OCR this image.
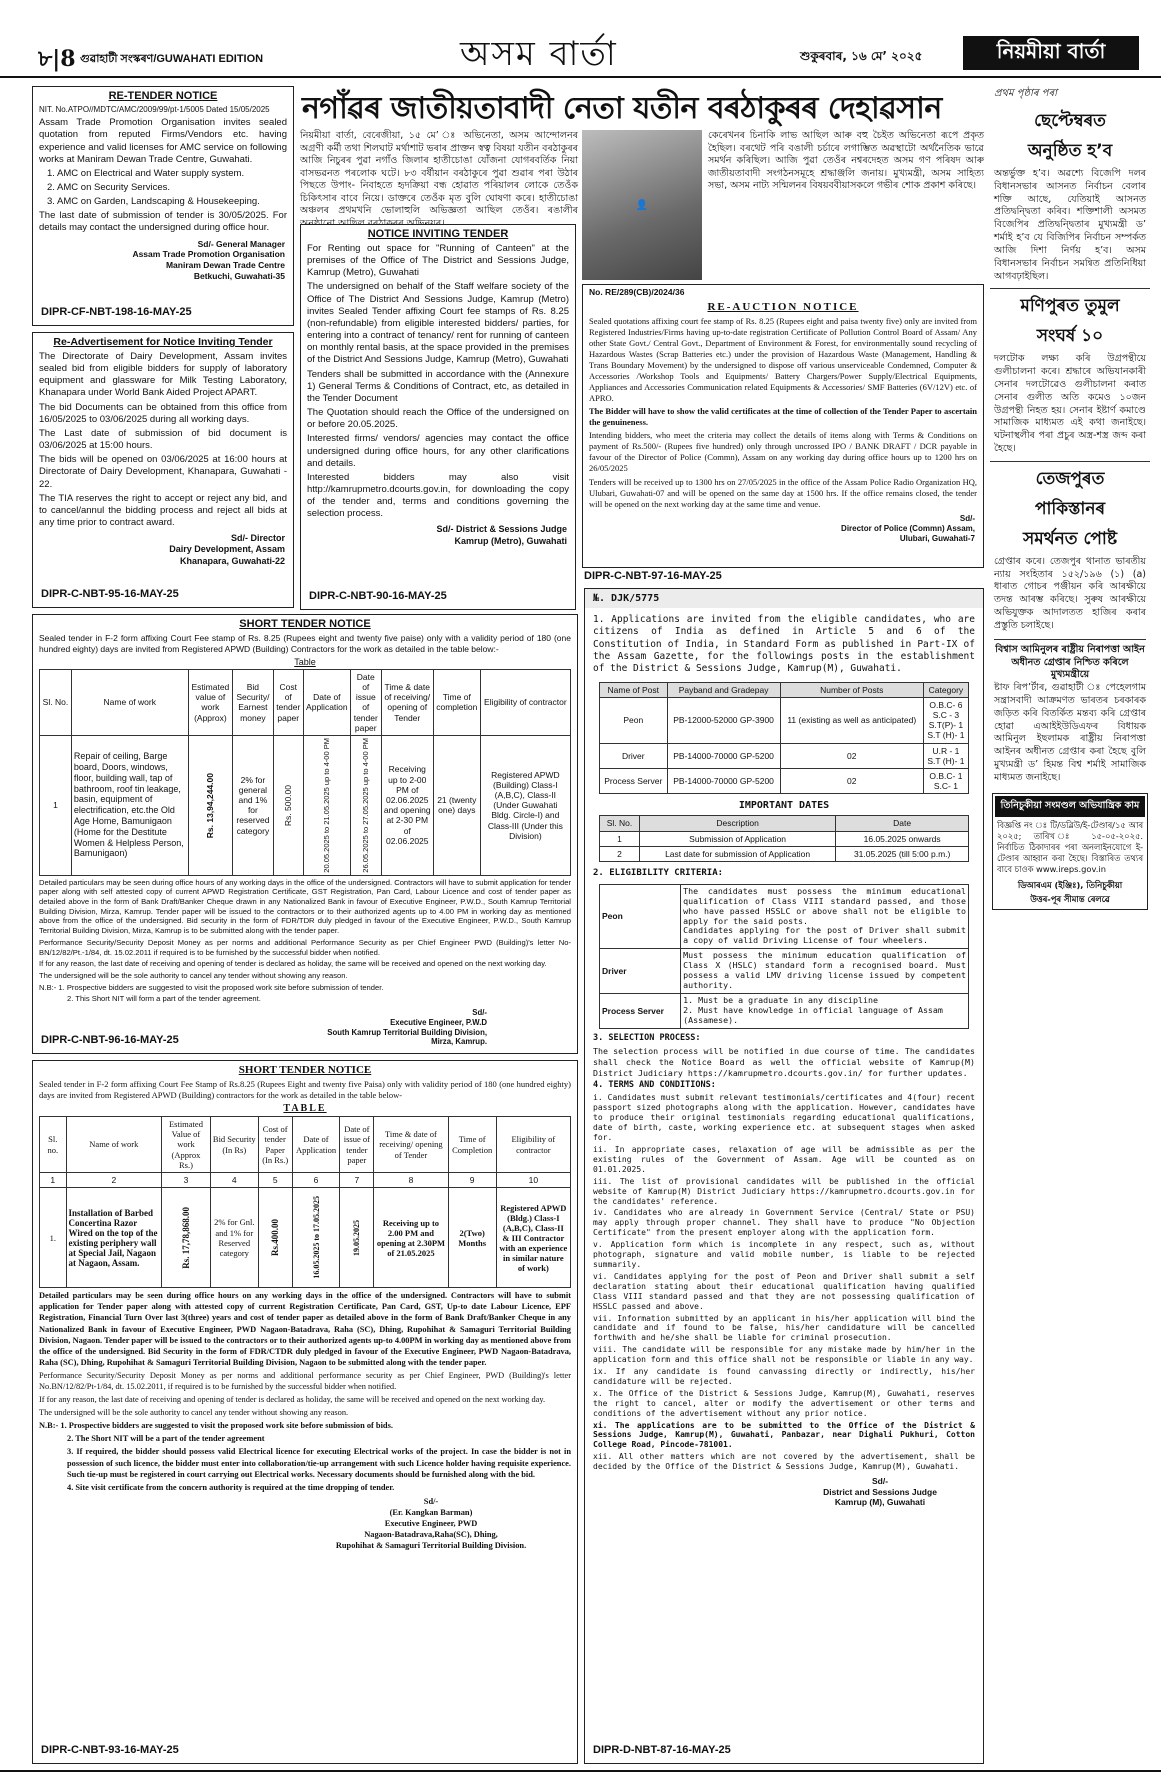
৮|8 গুৱাহাটী সংস্কৰণ/GUWAHATI EDITION	অসম বাৰ্তা	শুকুৰবাৰ, ১৬ মে’ ২০২৫	নিয়মীয়া বাৰ্তা
RE-TENDER NOTICE
NIT. No.ATPO//MDTC/AMC/2009/99/pt-1/5005 Dated 15/05/2025
Assam Trade Promotion Organisation invites sealed quotation from reputed Firms/Vendors etc. having experience and valid licenses for AMC service on following works at Maniram Dewan Trade Centre, Guwahati.
1. AMC on Electrical and Water supply system.
2. AMC on Security Services.
3. AMC on Garden, Landscaping & Housekeeping.
The last date of submission of tender is 30/05/2025. For details may contact the undersigned during office hour.
Sd/- General Manager
Assam Trade Promotion Organisation
Maniram Dewan Trade Centre
Betkuchi, Guwahati-35
DIPR-CF-NBT-198-16-MAY-25
Re-Advertisement for Notice Inviting Tender
The Directorate of Dairy Development, Assam invites sealed bid from eligible bidders for supply of laboratory equipment and glassware for Milk Testing Laboratory, Khanapara under World Bank Aided Project APART.
The bid Documents can be obtained from this office from 16/05/2025 to 03/06/2025 during all working days.
The Last date of submission of bid document is 03/06/2025 at 15:00 hours.
The bids will be opened on 03/06/2025 at 16:00 hours at Directorate of Dairy Development, Khanapara, Guwahati - 22.
The TIA reserves the right to accept or reject any bid, and to cancel/annul the bidding process and reject all bids at any time prior to contract award.
Sd/- Director
Dairy Development, Assam
Khanapara, Guwahati-22
DIPR-C-NBT-95-16-MAY-25
নগাঁৱৰ জাতীয়তাবাদী নেতা যতীন বৰঠাকুৰৰ দেহাৱসান
নিয়মীয়া বাৰ্তা, বেৰেজীয়া, ১৫ মে’ ঃ অভিনেতা, অসম আন্দোলনৰ অগ্ৰণী কৰ্মী তথা শিলঘাট মৰ্থাশাট ভৰাৰ প্ৰাক্তন স্বত্ব বিষয়া যতীন বৰঠাকুৰৰ আজি নিচুৰৰ পুৱা নগাঁও জিলাৰ হাতীচোঙা যোঁজনা যোগৰবৰ্তিক নিয়া বাসভৱনত পৰলোক ঘটে। ৮৩ বৰ্ষীয়ান বৰঠাকুৰে পুৱা শুৱাৰ পৰা উঠাৰ পিছতে উপাং- নিবাহতে হৃদক্ৰিয়া বন্ধ হোৱাত পৰিয়ালৰ লোকে তেওঁক চিকিৎসাৰ বাবে নিয়ে। ডাক্তৰে তেওঁক মৃত বুলি ঘোষণা কৰে। হাতীচোঙা অঞ্চলৰ প্ৰথমখনি ভোলাহুলি অভিজ্ঞতা আছিল তেওঁৰ। ৰঙালীৰ
👤
কেৰেখনৰ চিনাকি লাভ আছিল আৰু বহু চৈইত অভিনেতা ৰূপে প্ৰকৃত হৈছিল। বৰথেট পৰি বঙালী চৰ্চাৰে লগাম্ভিত অৱস্থাটো অৰ্থনৈতিক ভাৱে সমৰ্থন কৰিছিল। আজি পুৱা তেওঁৰ নশ্বৰদেহত অসম গণ পৰিষদ আৰু জাতীয়তাবাদী সংগঠনসমূহে শ্ৰদ্ধাঞ্জলি জনায়। মুখ্যমন্ত্ৰী, অসম সাহিত্য সভা, অসম নাট্য সন্মিলনৰ বিষয়ববীয়াসকলে গভীৰ শোক প্ৰকাশ কৰিছে।
NOTICE INVITING TENDER
For Renting out space for "Running of Canteen" at the premises of the Office of The District and Sessions Judge, Kamrup (Metro), Guwahati
The undersigned on behalf of the Staff welfare society of the Office of The District And Sessions Judge, Kamrup (Metro) invites Sealed Tender affixing Court fee stamps of Rs. 8.25 (non-refundable) from eligible interested bidders/ parties, for entering into a contract of tenancy/ rent for running of canteen on monthly rental basis, at the space provided in the premises of the District And Sessions Judge, Kamrup (Metro), Guwahati
Tenders shall be submitted in accordance with the (Annexure 1) General Terms & Conditions of Contract, etc, as detailed in the Tender Document
The Quotation should reach the Office of the undersigned on or before 20.05.2025.
Interested firms/ vendors/ agencies may contact the office undersigned during office hours, for any other clarifications and details.
Interested bidders may also visit http://kamrupmetro.dcourts.gov.in, for downloading the copy of the tender and, terms and conditions governing the selection process.
Sd/- District & Sessions Judge
Kamrup (Metro), Guwahati
DIPR-C-NBT-90-16-MAY-25
No. RE/289(CB)/2024/36
RE-AUCTION NOTICE
Sealed quotations affixing court fee stamp of Rs. 8.25 (Rupees eight and paisa twenty five) only are invited from Registered Industries/Firms having up-to-date registration Certificate of Pollution Control Board of Assam/ Any other State Govt./ Central Govt., Department of Environment & Forest, for environmentally sound recycling of Hazardous Wastes (Scrap Batteries etc.) under the provision of Hazardous Waste (Management, Handling & Trans Boundary Movement) by the undersigned to dispose off various unserviceable Condemned, Computer & Accessories /Workshop Tools and Equipments/ Battery Chargers/Power Supply/Electrical Equipments, Appliances and Accessories Communication related Equipments & Accessories/ SMF Batteries (6V/12V) etc. of APRO.
The Bidder will have to show the valid certificates at the time of collection of the Tender Paper to ascertain the genuineness.
Intending bidders, who meet the criteria may collect the details of items along with Terms & Conditions on payment of Rs.500/- (Rupees five hundred) only through uncrossed IPO / BANK DRAFT / DCR payable in favour of the Director of Police (Commn), Assam on any working day during office hours up to 1200 hrs on 26/05/2025
Tenders will be received up to 1300 hrs on 27/05/2025 in the office of the Assam Police Radio Organization HQ, Ulubari, Guwahati-07 and will be opened on the same day at 1500 hrs. If the office remains closed, the tender will be opened on the next working day at the same time and venue.
Sd/-
Director of Police (Commn) Assam,
Ulubari, Guwahati-7
DIPR-C-NBT-97-16-MAY-25
SHORT TENDER NOTICE
Sealed tender in F-2 form affixing Court Fee stamp of Rs. 8.25 (Rupees eight and twenty five paise) only with a validity period of 180 (one hundred eighty) days are invited from Registered APWD (Building) Contractors for the work as detailed in the table below:-
Table
Sl. No.	Name of work	Estimated value of work (Approx)	Bid Security/ Earnest money	Cost of tender paper	Date of Application	Date of issue of tender paper	Time & date of receiving/ opening of Tender	Time of completion	Eligibility of contractor
1	Repair of ceiling, Barge board, Doors, windows, floor, building wall, tap of bathroom, roof tin leakage, basin, equipment of electrification, etc.the Old Age Home, Bamunigaon (Home for the Destitute Women & Helpless Person, Bamunigaon)	Rs. 13,94,244.00	2% for general and 1% for reserved category	Rs. 500.00	20.05.2025 to 21.05.2025 up to 4-00 PM	26.05.2025 to 27.05.2025 up to 4-00 PM	Receiving up to 2-00 PM of 02.06.2025 and opening at 2-30 PM of 02.06.2025	21 (twenty one) days	Registered APWD (Building) Class-I (A,B,C), Class-II (Under Guwahati Bldg. Circle-I) and Class-III (Under this Division)
Detailed particulars may be seen during office hours of any working days in the office of the undersigned. Contractors will have to submit application for tender paper along with self attested copy of current APWD Registration Certificate, GST Registration, Pan Card, Labour Licence and cost of tender paper as detailed above in the form of Bank Draft/Banker Cheque drawn in any Nationalized Bank in favour of Executive Engineer, P.W.D., South Kamrup Territorial Building Division, Mirza, Kamrup. Tender paper will be issued to the contractors or to their authorized agents up to 4.00 PM in working day as mentioned above from the office of the undersigned. Bid security in the form of FDR/TDR duly pledged in favour of the Executive Engineer, P.W.D., South Kamrup Territorial Building Division, Mirza, Kamrup is to be submitted along with the tender paper.
Performance Security/Security Deposit Money as per norms and additional Performance Security as per Chief Engineer PWD (Building)'s letter No-BN/12/82/Pt.-1/84, dt. 15.02.2011 if required is to be furnished by the successful bidder when notified.
If for any reason, the last date of receiving and opening of tender is declared as holiday, the same will be received and opened on the next working day.
The undersigned will be the sole authority to cancel any tender without showing any reason.
N.B:- 1. Prospective bidders are suggested to visit the proposed work site before submission of tender.
2. This Short NIT will form a part of the tender agreement.
Sd/-
Executive Engineer, P.W.D
South Kamrup Territorial Building Division,
Mirza, Kamrup.
DIPR-C-NBT-96-16-MAY-25
SHORT TENDER NOTICE
Sealed tender in F-2 form affixing Court Fee Stamp of Rs.8.25 (Rupees Eight and twenty five Paisa) only with validity period of 180 (one hundred eighty) days are invited from Registered APWD (Building) contractors for the work as detailed in the table below-
TABLE
Sl. no.	Name of work	Estimated Value of work (Approx Rs.)	Bid Security (In Rs)	Cost of tender Paper (In Rs.)	Date of Application	Date of issue of tender paper	Time & date of receiving/ opening of Tender	Time of Completion	Eligibility of contractor
1	2	3	4	5	6	7	8	9	10
1.	Installation of Barbed Concertina Razor Wired on the top of the existing periphery wall at Special Jail, Nagaon at Nagaon, Assam.	Rs. 17,78,868.00	2% for Gnl. and 1% for Reserved category	Rs.400.00	16.05.2025 to 17.05.2025	19.05.2025	Receiving up to 2.00 PM and opening at 2.30PM of 21.05.2025	2(Two) Months	Registered APWD (Bldg.) Class-I (A,B,C), Class-II & III Contractor with an experience in similar nature of work)
Detailed particulars may be seen during office hours on any working days in the office of the undersigned. Contractors will have to submit application for Tender paper along with attested copy of current Registration Certificate, Pan Card, GST, Up-to date Labour Licence, EPF Registration, Financial Turn Over last 3(three) years and cost of tender paper as detailed above in the form of Bank Draft/Banker Cheque in any Nationalized Bank in favour of Executive Engineer, PWD Nagaon-Batadrava, Raha (SC), Dhing, Rupohihat & Samaguri Territorial Building Division, Nagaon. Tender paper will be issued to the contractors or to their authorized agents up-to 4.00PM in working day as mentioned above from the office of the undersigned. Bid Security in the form of FDR/CTDR duly pledged in favour of the Executive Engineer, PWD Nagaon-Batadrava, Raha (SC), Dhing, Rupohihat & Samaguri Territorial Building Division, Nagaon to be submitted along with the tender paper.
Performance Security/Security Deposit Money as per norms and additional performance security as per Chief Engineer, PWD (Building)'s letter No.BN/12/82/Pt-1/84, dt. 15.02.2011, if required is to be furnished by the successful bidder when notified.
If for any reason, the last date of receiving and opening of tender is declared as holiday, the same will be received and opened on the next working day.
The undersigned will be the sole authority to cancel any tender without showing any reason.
N.B:- 1. Prospective bidders are suggested to visit the proposed work site before submission of bids.
2. The Short NIT will be a part of the tender agreement
3. If required, the bidder should possess valid Electrical licence for executing Electrical works of the project. In case the bidder is not in possession of such licence, the bidder must enter into collaboration/tie-up arrangement with such Licence holder having requisite experience. Such tie-up must be registered in court carrying out Electrical works. Necessary documents should be furnished along with the bid.
4. Site visit certificate from the concern authority is required at the time dropping of tender.
Sd/-
(Er. Kangkan Barman)
Executive Engineer, PWD
Nagaon-Batadrava,Raha(SC), Dhing,
Rupohihat & Samaguri Territorial Building Division.
DIPR-C-NBT-93-16-MAY-25
№. DJK/5775
1. Applications are invited from the eligible candidates, who are citizens of India as defined in Article 5 and 6 of the Constitution of India, in Standard Form as published in Part-IX of the Assam Gazette, for the followings posts in the establishment of the District & Sessions Judge, Kamrup(M), Guwahati.
Name of Post	Payband and Gradepay	Number of Posts	Category
Peon	PB-12000-52000 GP-3900	11 (existing as well as anticipated)	O.B.C- 6
S.C - 3
S.T(P)- 1
S.T (H)- 1
Driver	PB-14000-70000 GP-5200	02	U.R - 1
S.T (H)- 1
Process Server	PB-14000-70000 GP-5200	02	O.B.C- 1
S.C- 1
IMPORTANT DATES
Sl. No.	Description	Date
1	Submission of Application	16.05.2025 onwards
2	Last date for submission of Application	31.05.2025 (till 5:00 p.m.)
2. ELIGIBILITY CRITERIA:
Peon	The candidates must possess the minimum educational qualification of Class VIII standard passed, and those who have passed HSSLC or above shall not be eligible to apply for the said posts.
Candidates applying for the post of Driver shall submit a copy of valid Driving License of four wheelers.
Driver	Must possess the minimum education qualification of Class X (HSLC) standard form a recognised board. Must possess a valid LMV driving license issued by competent authority.
Process Server	1. Must be a graduate in any discipline
2. Must have knowledge in official language of Assam (Assamese).
3. SELECTION PROCESS:
The selection process will be notified in due course of time. The candidates shall check the Notice Board as well the official website of Kamrup(M) District Judiciary https://kamrupmetro.dcourts.gov.in/ for further updates.
4. TERMS AND CONDITIONS:
i. Candidates must submit relevant testimonials/certificates and 4(four) recent passport sized photographs along with the application. However, candidates have to produce their original testimonials regarding educational qualifications, date of birth, caste, working experience etc. at subsequent stages when asked for.
ii. In appropriate cases, relaxation of age will be admissible as per the existing rules of the Government of Assam. Age will be counted as on 01.01.2025.
iii. The list of provisional candidates will be published in the official website of Kamrup(M) District Judiciary https://kamrupmetro.dcourts.gov.in for the candidates' reference.
iv. Candidates who are already in Government Service (Central/ State or PSU) may apply through proper channel. They shall have to produce "No Objection Certificate" from the present employer along with the application form.
v. Application form which is incomplete in any respect, such as, without photograph, signature and valid mobile number, is liable to be rejected summarily.
vi. Candidates applying for the post of Peon and Driver shall submit a self declaration stating about their educational qualification having qualified Class VIII standard passed and that they are not possessing qualification of HSSLC passed and above.
vii. Information submitted by an applicant in his/her application will bind the candidate and if found to be false, his/her candidature will be cancelled forthwith and he/she shall be liable for criminal prosecution.
viii. The candidate will be responsible for any mistake made by him/her in the application form and this office shall not be responsible or liable in any way.
ix. If any candidate is found canvassing directly or indirectly, his/her candidature will be rejected.
x. The Office of the District & Sessions Judge, Kamrup(M), Guwahati, reserves the right to cancel, alter or modify the advertisement or other terms and conditions of the advertisement without any prior notice.
xi. The applications are to be submitted to the Office of the District & Sessions Judge, Kamrup(M), Guwahati, Panbazar, near Dighali Pukhuri, Cotton College Road, Pincode-781001.
xii. All other matters which are not covered by the advertisement, shall be decided by the Office of the District & Sessions Judge, Kamrup(M), Guwahati.
Sd/-
District and Sessions Judge
Kamrup (M), Guwahati
DIPR-D-NBT-87-16-MAY-25
প্ৰথম পৃষ্ঠাৰ পৰা
ছেপ্টেম্বৰত
অনুষ্ঠিত হ’ব
অন্তৰ্ভুক্ত হ’ব। অৱশ্যে বিজেপি দলৰ বিধানসভাৰ আসনত নিৰ্বাচন বেলাৰ শক্তি আছে, যেতিয়াই আসনত প্ৰতিদ্বন্দ্বিতা কৰিব। শক্তিশালী অসমত বিজেপিৰ প্ৰতিদ্বন্দ্বিতাৰ মুখ্যমন্ত্ৰী ড’ শৰ্মাই হ’ব যে বিজিপিৰ নিৰ্বাচন সম্পৰ্কত আজি দিশা নিৰ্ণয় হ’ব। অসম বিধানসভাৰ নিৰ্বাচন সমন্বিত প্ৰতিনিধিয়া আগবঢ়াইছিল।
মণিপুৰত তুমুল
সংঘৰ্ষ ১০
দলটোক লক্ষ্য কৰি উগ্ৰপন্থীয়ে গুলীচালনা কৰে। শ্ৰদ্ধাৰে অভিযানকাৰী সেনাৰ দলটোৱেও গুলীচালনা কৰাত সেনাৰ গুলীত অতি কমেও ১০জন উগ্ৰপন্থী নিহত হয়। সেনাৰ ইষ্টাৰ্ণ কমাণ্ডে সামাজিক মাধ্যমত এই কথা জনাইছে। ঘটনাস্থলীৰ পৰা প্ৰচুৰ অস্ত্ৰ-শস্ত্ৰ জব্দ কৰা হৈছে।
তেজপুৰত
পাকিস্তানৰ
সমৰ্থনত পোষ্ট
গ্ৰেপ্তাৰ কৰে। তেজপুৰ থানাত ভাৰতীয় ন্যায় সংহিতাৰ ১৫২/১৯৬ (১) (a) ধাৰাত গোচৰ পঞ্জীয়ন কৰি আৰক্ষীয়ে তদন্ত আৰম্ভ কৰিছে। সুৰুষ আৰক্ষীয়ে অভিযুক্তক আদালতত হাজিৰ কৰাৰ প্ৰস্তুতি চলাইছে।
বিশ্বাস আমিনুলৰ ৰাষ্ট্ৰীয় নিৰাপত্তা আইন অধীনত গ্ৰেপ্তাৰ নিশ্চিত কৰিলে মুখ্যমন্ত্ৰীয়ে
ষ্টাফ ৰিপ’ৰ্টাৰ, গুৱাহাটী ঃ পেহেলগাম সন্ত্ৰাসবাদী আক্ৰমণত ভাৰতৰ চৰকাৰক জড়িত কৰি বিতৰ্কিত মন্তব্য কৰি গ্ৰেপ্তাৰ হোৱা এআইইউডিএফৰ বিধায়ক আমিনুল ইছলামক ৰাষ্ট্ৰীয় নিৰাপত্তা আইনৰ অধীনত গ্ৰেপ্তাৰ কৰা হৈছে বুলি মুখ্যমন্ত্ৰী ড’ হিমন্ত বিশ্ব শৰ্মাই সামাজিক মাধ্যমত জনাইছে।
তিনিচুকীয়া সংমণ্ডল অভিযান্ত্ৰিক কাম
বিজ্ঞপ্তি নং ঃ টি/ডব্লিউ/ই-টেণ্ডাৰ/১৫ আৰ ২০২৫; তাৰিখ ঃ ১৫-০৫-২০২৫. নিৰ্বাচিত ঠিকাদাৰৰ পৰা অনলাইনযোগে ই-টেণ্ডাৰ আহ্বান কৰা হৈছে। বিস্তাৰিত তথ্যৰ বাবে চাওক www.ireps.gov.in
ডিআৰএম (ইঞ্জিঃ), তিনিচুকীয়া
উত্তৰ-পূৰ সীমান্ত ৰেলৱে
